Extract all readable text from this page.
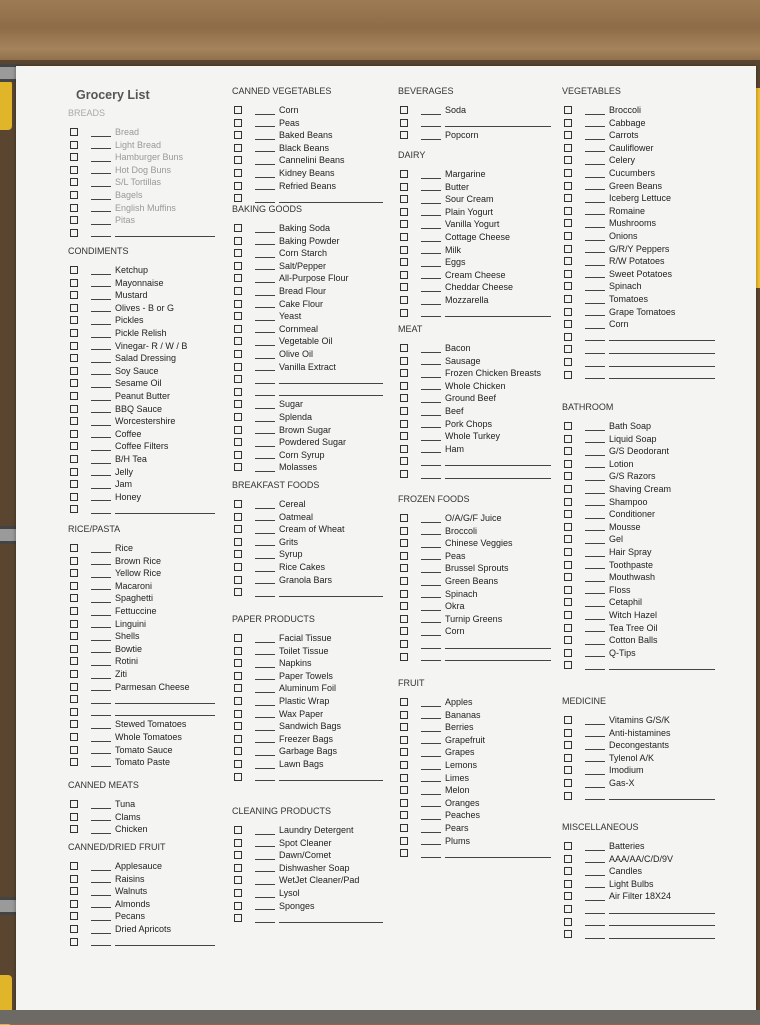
Grocery List
BREADS
Bread
Light Bread
Hamburger Buns
Hot Dog Buns
S/L Tortillas
Bagels
English Muffins
Pitas
CONDIMENTS
Ketchup
Mayonnaise
Mustard
Olives - B or G
Pickles
Pickle Relish
Vinegar- R / W / B
Salad Dressing
Soy Sauce
Sesame Oil
Peanut Butter
BBQ Sauce
Worcestershire
Coffee
Coffee Filters
B/H Tea
Jelly
Jam
Honey
RICE/PASTA
Rice
Brown Rice
Yellow Rice
Macaroni
Spaghetti
Fettuccine
Linguini
Shells
Bowtie
Rotini
Ziti
Parmesan Cheese
Stewed Tomatoes
Whole Tomatoes
Tomato Sauce
Tomato Paste
CANNED MEATS
Tuna
Clams
Chicken
CANNED/DRIED FRUIT
Applesauce
Raisins
Walnuts
Almonds
Pecans
Dried Apricots
CANNED VEGETABLES
Corn
Peas
Baked Beans
Black Beans
Cannelini Beans
Kidney Beans
Refried Beans
BAKING GOODS
Baking Soda
Baking Powder
Corn Starch
Salt/Pepper
All-Purpose Flour
Bread Flour
Cake Flour
Yeast
Cornmeal
Vegetable Oil
Olive Oil
Vanilla Extract
Sugar
Splenda
Brown Sugar
Powdered Sugar
Corn Syrup
Molasses
BREAKFAST FOODS
Cereal
Oatmeal
Cream of Wheat
Grits
Syrup
Rice Cakes
Granola Bars
PAPER PRODUCTS
Facial Tissue
Toilet Tissue
Napkins
Paper Towels
Aluminum Foil
Plastic Wrap
Wax Paper
Sandwich Bags
Freezer Bags
Garbage Bags
Lawn Bags
CLEANING PRODUCTS
Laundry Detergent
Spot Cleaner
Dawn/Comet
Dishwasher Soap
WetJet Cleaner/Pad
Lysol
Sponges
BEVERAGES
Soda
Popcorn
DAIRY
Margarine
Butter
Sour Cream
Plain Yogurt
Vanilla Yogurt
Cottage Cheese
Milk
Eggs
Cream Cheese
Cheddar Cheese
Mozzarella
MEAT
Bacon
Sausage
Frozen Chicken Breasts
Whole Chicken
Ground Beef
Beef
Pork Chops
Whole Turkey
Ham
FROZEN FOODS
O/A/G/F Juice
Broccoli
Chinese Veggies
Peas
Brussel Sprouts
Green Beans
Spinach
Okra
Turnip Greens
Corn
FRUIT
Apples
Bananas
Berries
Grapefruit
Grapes
Lemons
Limes
Melon
Oranges
Peaches
Pears
Plums
VEGETABLES
Broccoli
Cabbage
Carrots
Cauliflower
Celery
Cucumbers
Green Beans
Iceberg Lettuce
Romaine
Mushrooms
Onions
G/R/Y Peppers
R/W Potatoes
Sweet Potatoes
Spinach
Tomatoes
Grape Tomatoes
Corn
BATHROOM
Bath Soap
Liquid Soap
G/S Deodorant
Lotion
G/S Razors
Shaving Cream
Shampoo
Conditioner
Mousse
Gel
Hair Spray
Toothpaste
Mouthwash
Floss
Cetaphil
Witch Hazel
Tea Tree Oil
Cotton Balls
Q-Tips
MEDICINE
Vitamins G/S/K
Anti-histamines
Decongestants
Tylenol A/K
Imodium
Gas-X
MISCELLANEOUS
Batteries
AAA/AA/C/D/9V
Candles
Light Bulbs
Air Filter 18X24
